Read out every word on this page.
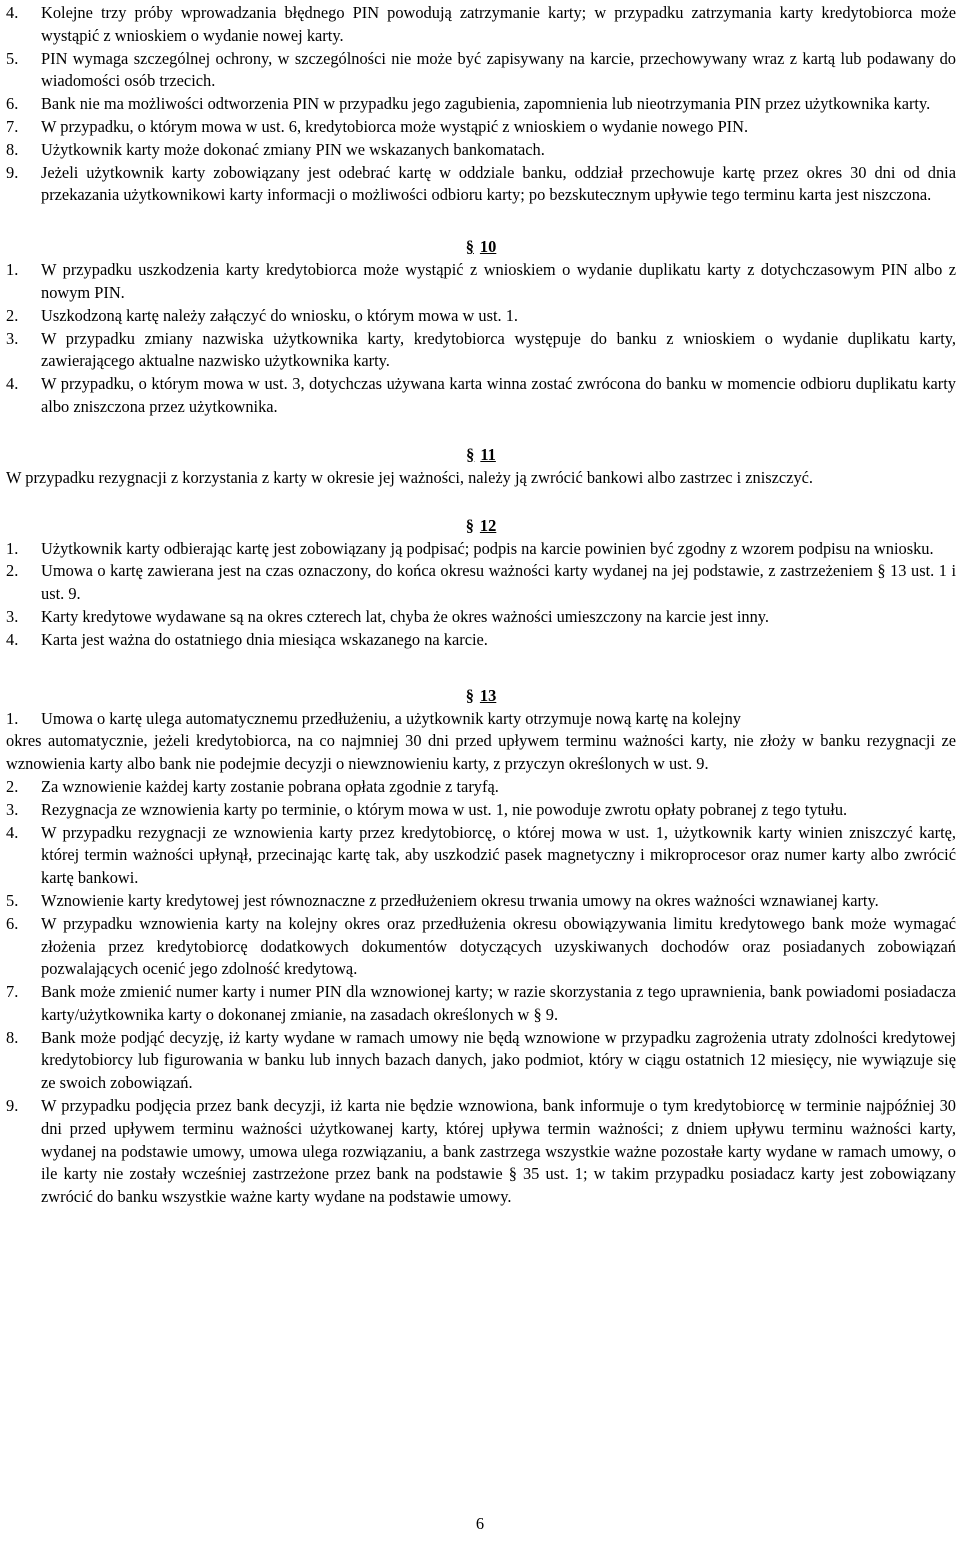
4.	Kolejne trzy próby wprowadzania błędnego PIN powodują zatrzymanie karty; w przypadku zatrzymania karty kredytobiorca może wystąpić z wnioskiem o wydanie nowej karty.
5.	PIN wymaga szczególnej ochrony, w szczególności nie może być zapisywany na karcie, przechowywany wraz z kartą lub podawany do wiadomości osób trzecich.
6.	Bank nie ma możliwości odtworzenia PIN w przypadku jego zagubienia, zapomnienia lub nieotrzymania PIN przez użytkownika karty.
7.	W przypadku, o którym mowa w ust. 6, kredytobiorca może wystąpić z wnioskiem o wydanie nowego PIN.
8.	Użytkownik karty może dokonać zmiany PIN we wskazanych bankomatach.
9.	Jeżeli użytkownik karty zobowiązany jest odebrać kartę w oddziale banku, oddział przechowuje kartę przez okres 30 dni od dnia przekazania użytkownikowi karty informacji o możliwości odbioru karty; po bezskutecznym upływie tego terminu karta jest niszczona.
§ 10
1.	W przypadku uszkodzenia karty kredytobiorca może wystąpić z wnioskiem o wydanie duplikatu karty z dotychczasowym PIN albo z nowym PIN.
2.	Uszkodzoną kartę należy załączyć do wniosku, o którym mowa w ust. 1.
3.	W przypadku zmiany nazwiska użytkownika karty, kredytobiorca występuje do banku z wnioskiem o wydanie duplikatu karty, zawierającego aktualne nazwisko użytkownika karty.
4.	W przypadku, o którym mowa w ust. 3, dotychczas używana karta winna zostać zwrócona do banku w momencie odbioru duplikatu karty albo zniszczona przez użytkownika.
§ 11
W przypadku rezygnacji z korzystania z karty w okresie jej ważności, należy ją zwrócić bankowi albo zastrzec i zniszczyć.
§ 12
1.	Użytkownik karty odbierając kartę jest zobowiązany ją podpisać; podpis na karcie powinien być zgodny z wzorem podpisu na wniosku.
2.	Umowa o kartę zawierana jest na czas oznaczony, do końca okresu ważności karty wydanej na jej podstawie, z zastrzeżeniem § 13 ust. 1 i ust. 9.
3.	Karty kredytowe wydawane są na okres czterech lat, chyba że okres ważności umieszczony na karcie jest inny.
4.	Karta jest ważna do ostatniego dnia miesiąca wskazanego na karcie.
§ 13
1.	Umowa o kartę ulega automatycznemu przedłużeniu, a użytkownik karty otrzymuje nową kartę na kolejny
okres automatycznie, jeżeli kredytobiorca, na co najmniej 30 dni przed upływem terminu ważności karty, nie złoży w banku rezygnacji ze wznowienia karty albo bank nie podejmie decyzji o niewznowieniu karty, z przyczyn określonych w ust. 9.
2.	Za wznowienie każdej karty zostanie pobrana opłata zgodnie z taryfą.
3.	Rezygnacja ze wznowienia karty po terminie, o którym mowa w ust. 1, nie powoduje zwrotu opłaty pobranej z tego tytułu.
4.	W przypadku rezygnacji ze wznowienia karty przez kredytobiorcę, o której mowa w ust. 1, użytkownik karty winien zniszczyć kartę, której termin ważności upłynął, przecinając kartę tak, aby uszkodzić pasek magnetyczny i mikroprocesor oraz numer karty albo zwrócić kartę bankowi.
5.	Wznowienie karty kredytowej jest równoznaczne z przedłużeniem okresu trwania umowy na okres ważności wznawianej karty.
6.	W przypadku wznowienia karty na kolejny okres oraz przedłużenia okresu obowiązywania limitu kredytowego bank może wymagać złożenia przez kredytobiorcę dodatkowych dokumentów dotyczących uzyskiwanych dochodów oraz posiadanych zobowiązań pozwalających ocenić jego zdolność kredytową.
7.	Bank może zmienić numer karty i numer PIN dla wznowionej karty; w razie skorzystania z tego uprawnienia, bank powiadomi posiadacza karty/użytkownika karty o dokonanej zmianie, na zasadach określonych w § 9.
8.	Bank może podjąć decyzję, iż karty wydane w ramach umowy nie będą wznowione w przypadku zagrożenia utraty zdolności kredytowej kredytobiorcy lub figurowania w banku lub innych bazach danych, jako podmiot, który w ciągu ostatnich 12 miesięcy, nie wywiązuje się ze swoich zobowiązań.
9.	W przypadku podjęcia przez bank decyzji, iż karta nie będzie wznowiona, bank informuje o tym kredytobiorcę w terminie najpóźniej 30 dni przed upływem terminu ważności użytkowanej karty, której upływa termin ważności; z dniem upływu terminu ważności karty, wydanej na podstawie umowy, umowa ulega rozwiązaniu, a bank zastrzega wszystkie ważne pozostałe karty wydane w ramach umowy, o ile karty nie zostały wcześniej zastrzeżone przez bank na podstawie § 35 ust. 1; w takim przypadku posiadacz karty jest zobowiązany zwrócić do banku wszystkie ważne karty wydane na podstawie umowy.
6
